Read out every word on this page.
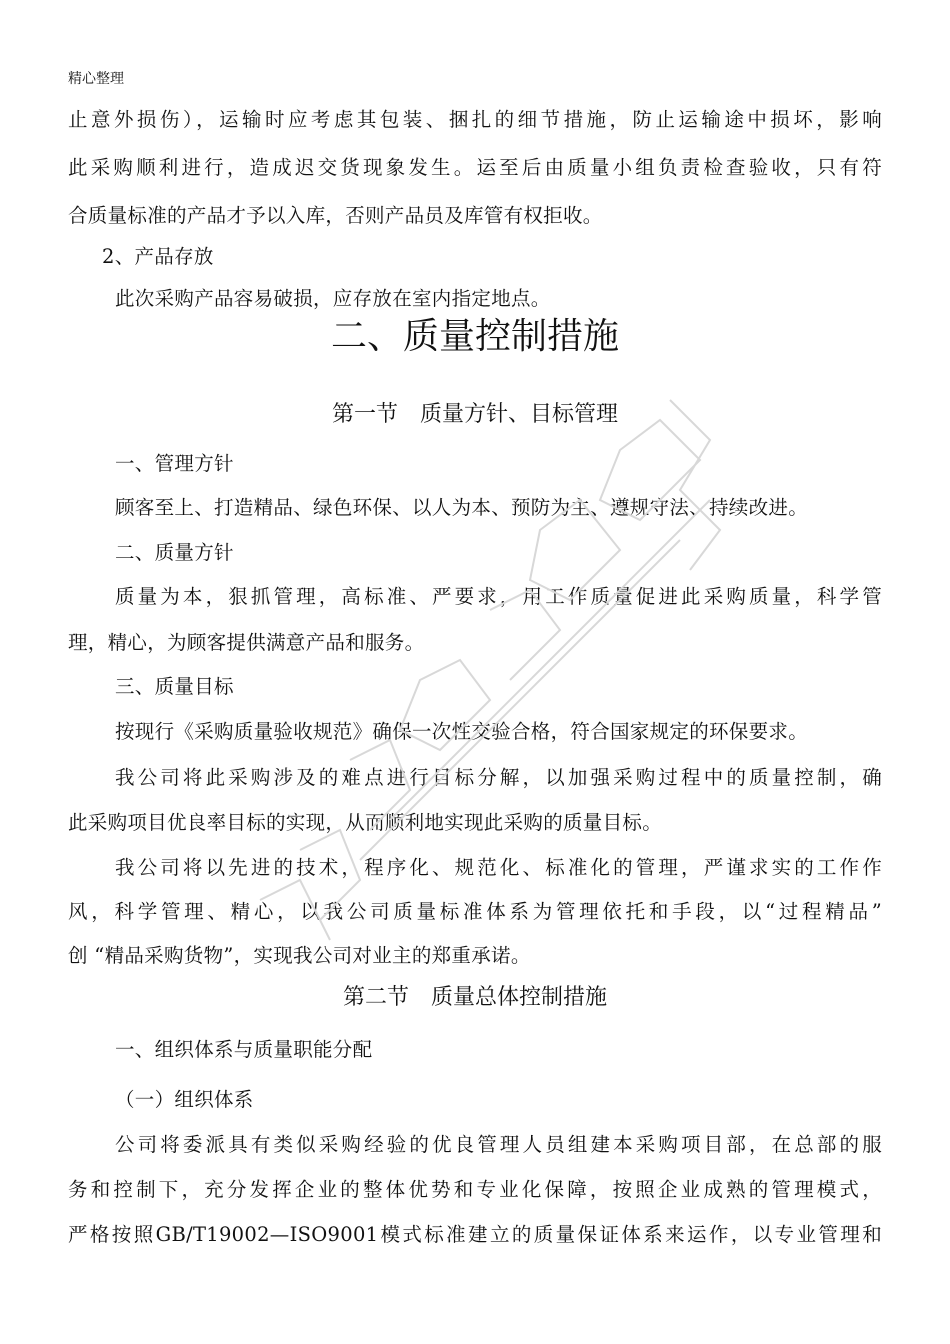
精心整理
止意外损伤），运输时应考虑其包装、捆扎的细节措施，防止运输途中损坏，影响
此采购顺利进行，造成迟交货现象发生。运至后由质量小组负责检查验收，只有符
合质量标准的产品才予以入库，否则产品员及库管有权拒收。
2、产品存放
此次采购产品容易破损，应存放在室内指定地点。
二、质量控制措施
第一节　质量方针、目标管理
一、管理方针
顾客至上、打造精品、绿色环保、以人为本、预防为主、遵规守法、持续改进。
二、质量方针
质量为本，狠抓管理，高标准、严要求，用工作质量促进此采购质量，科学管
理，精心，为顾客提供满意产品和服务。
三、质量目标
按现行《采购质量验收规范》确保一次性交验合格，符合国家规定的环保要求。
我公司将此采购涉及的难点进行目标分解，以加强采购过程中的质量控制，确
此采购项目优良率目标的实现，从而顺利地实现此采购的质量目标。
我公司将以先进的技术，程序化、规范化、标准化的管理，严谨求实的工作作
风，科学管理、精心，以我公司质量标准体系为管理依托和手段，以“过程精品”
创 “精品采购货物”，实现我公司对业主的郑重承诺。
第二节　质量总体控制措施
一、组织体系与质量职能分配
（一）组织体系
公司将委派具有类似采购经验的优良管理人员组建本采购项目部，在总部的服
务和控制下，充分发挥企业的整体优势和专业化保障，按照企业成熟的管理模式，
严格按照GB/T19002—ISO9001模式标准建立的质量保证体系来运作，以专业管理和
